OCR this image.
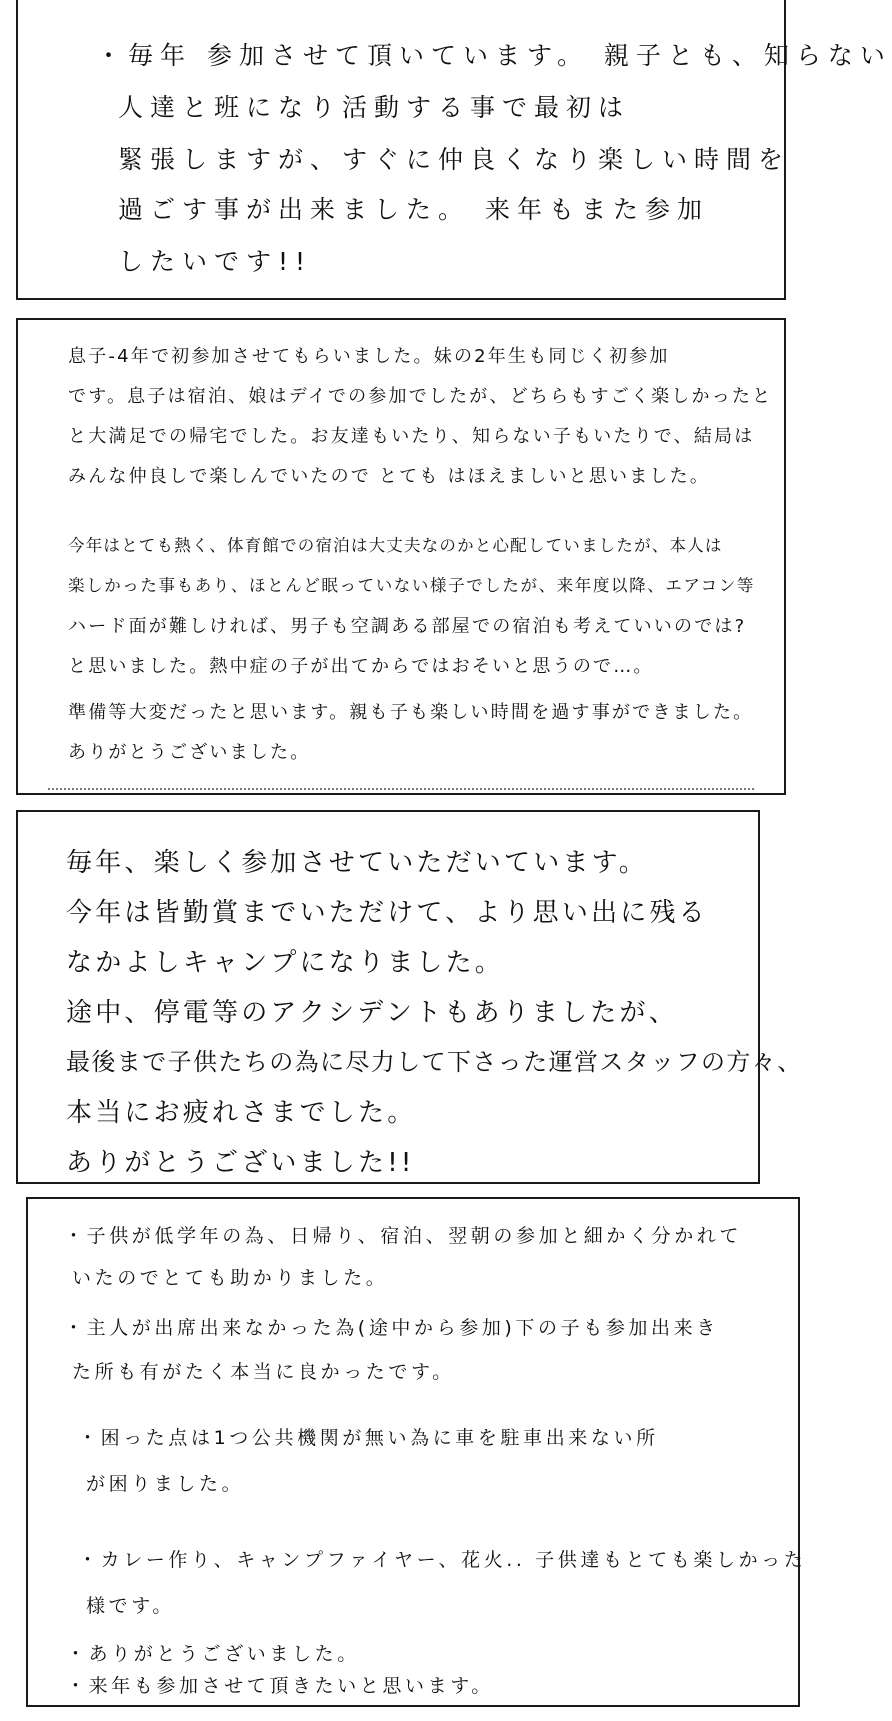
・毎年 参加させて頂いています。 親子とも、知らない
人達と班になり活動する事で最初は
緊張しますが、すぐに仲良くなり楽しい時間を
過ごす事が出来ました。 来年もまた参加
したいです!!
息子-4年で初参加させてもらいました。妹の2年生も同じく初参加
です。息子は宿泊、娘はデイでの参加でしたが、どちらもすごく楽しかったと
と大満足での帰宅でした。お友達もいたり、知らない子もいたりで、結局は
みんな仲良しで楽しんでいたので とても はほえましいと思いました。
今年はとても熱く、体育館での宿泊は大丈夫なのかと心配していましたが、本人は
楽しかった事もあり、ほとんど眠っていない様子でしたが、来年度以降、エアコン等
ハード面が難しければ、男子も空調ある部屋での宿泊も考えていいのでは?
と思いました。熱中症の子が出てからではおそいと思うので…。
準備等大変だったと思います。親も子も楽しい時間を過す事ができました。
ありがとうございました。
毎年、楽しく参加させていただいています。
今年は皆勤賞までいただけて、より思い出に残る
なかよしキャンプになりました。
途中、停電等のアクシデントもありましたが、
最後まで子供たちの為に尽力して下さった運営スタッフの方々、
本当にお疲れさまでした。
ありがとうございました!!
・子供が低学年の為、日帰り、宿泊、翌朝の参加と細かく分かれて
いたのでとても助かりました。
・主人が出席出来なかった為(途中から参加)下の子も参加出来き
た所も有がたく本当に良かったです。
・困った点は1つ公共機関が無い為に車を駐車出来ない所
が困りました。
・カレー作り、キャンプファイヤー、花火.. 子供達もとても楽しかった
様です。
・ありがとうございました。
・来年も参加させて頂きたいと思います。
